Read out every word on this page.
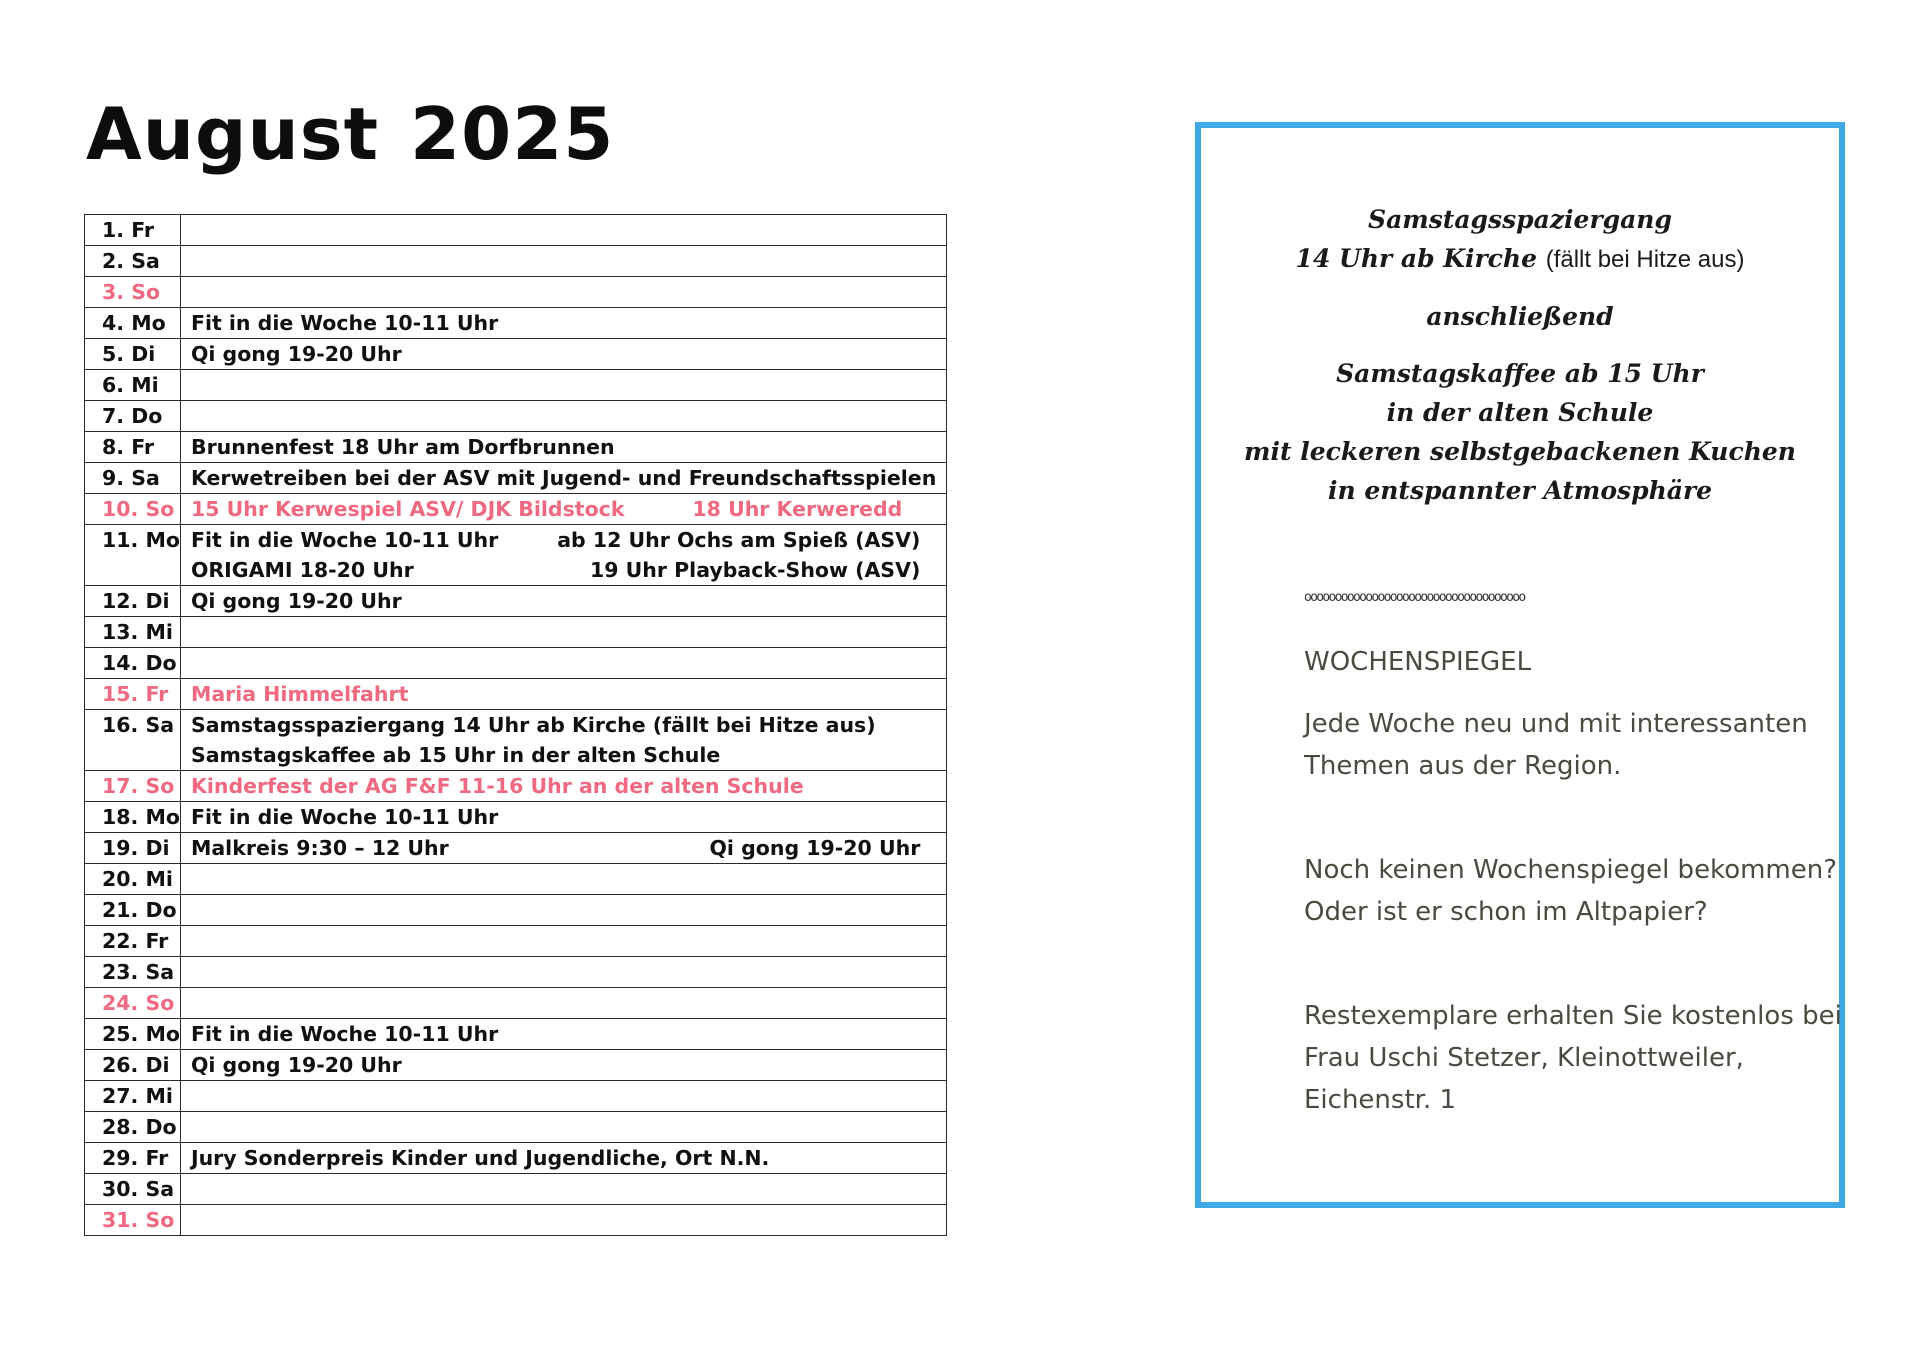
August 2025
1. Fr	
2. Sa	
3. So	
4. Mo	Fit in die Woche 10-11 Uhr

5. Di	Qi gong 19-20 Uhr

6. Mi	
7. Do	
8. Fr	Brunnenfest 18 Uhr am Dorfbrunnen

9. Sa	Kerwetreiben bei der ASV mit Jugend- und Freundschaftsspielen

10. So	15 Uhr Kerwespiel ASV/ DJK Bildstock 18 Uhr Kerweredd

11. Mo	Fit in die Woche 10-11 Uhr ab 12 Uhr Ochs am Spieß (ASV)
ORIGAMI 18-20 Uhr 19 Uhr Playback-Show (ASV)

12. Di	Qi gong 19-20 Uhr

13. Mi	
14. Do	
15. Fr	Maria Himmelfahrt

16. Sa	Samstagsspaziergang 14 Uhr ab Kirche (fällt bei Hitze aus)
Samstagskaffee ab 15 Uhr in der alten Schule

17. So	Kinderfest der AG F&F 11-16 Uhr an der alten Schule

18. Mo	Fit in die Woche 10-11 Uhr

19. Di	Malkreis 9:30 – 12 Uhr Qi gong 19-20 Uhr

20. Mi	
21. Do	
22. Fr	
23. Sa	
24. So	
25. Mo	Fit in die Woche 10-11 Uhr

26. Di	Qi gong 19-20 Uhr

27. Mi	
28. Do	
29. Fr	Jury Sonderpreis Kinder und Jugendliche, Ort N.N.

30. Sa	
31. So	
Samstagsspaziergang
14 Uhr ab Kirche (fällt bei Hitze aus)
anschließend
Samstagskaffee ab 15 Uhr
in der alten Schule
mit leckeren selbstgebackenen Kuchen
in entspannter Atmosphäre
oooooooooooooooooooooooooooooooooooo
WOCHENSPIEGEL
Jede Woche neu und mit interessanten Themen aus der Region.
Noch keinen Wochenspiegel bekommen? Oder ist er schon im Altpapier?
Restexemplare erhalten Sie kostenlos bei Frau Uschi Stetzer, Kleinottweiler, Eichenstr. 1
